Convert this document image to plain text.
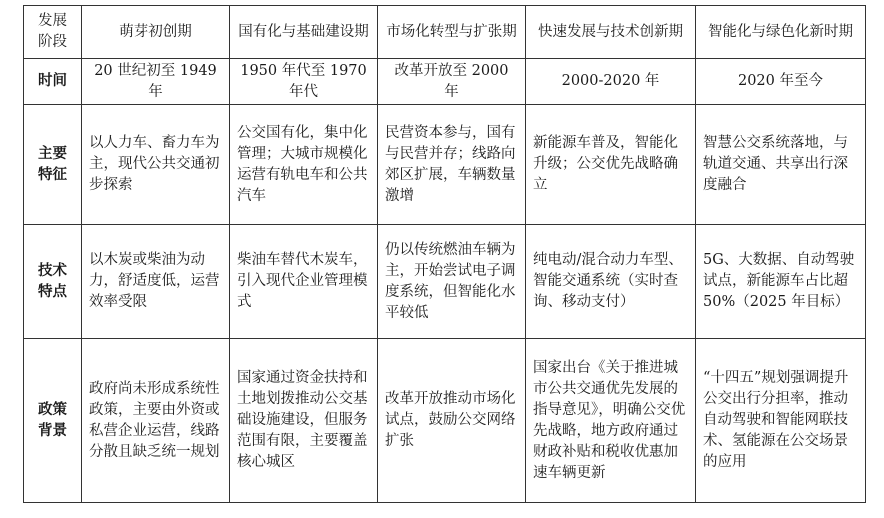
发展阶段	萌芽初创期	国有化与基础建设期	市场化转型与扩张期	快速发展与技术创新期	智能化与绿色化新时期
时间	20 世纪初至 1949 年	1950 年代至 1970 年代	改革开放至 2000 年	2000-2020 年	2020 年至今
主要特征	以人力车、畜力车为主，现代公共交通初步探索	公交国有化，集中化管理；大城市规模化运营有轨电车和公共汽车	民营资本参与，国有与民营并存；线路向郊区扩展，车辆数量激增	新能源车普及，智能化升级；公交优先战略确立	智慧公交系统落地，与轨道交通、共享出行深度融合
技术特点	以木炭或柴油为动力，舒适度低，运营效率受限	柴油车替代木炭车，引入现代企业管理模式	仍以传统燃油车辆为主，开始尝试电子调度系统，但智能化水平较低	纯电动/混合动力车型、智能交通系统（实时查询、移动支付）	5G、大数据、自动驾驶试点，新能源车占比超 50%（2025 年目标）
政策背景	政府尚未形成系统性政策，主要由外资或私营企业运营，线路分散且缺乏统一规划	国家通过资金扶持和土地划拨推动公交基础设施建设，但服务范围有限，主要覆盖核心城区	改革开放推动市场化试点，鼓励公交网络扩张	国家出台《关于推进城市公共交通优先发展的指导意见》，明确公交优先战略，地方政府通过财政补贴和税收优惠加速车辆更新	“十四五”规划强调提升公交出行分担率，推动自动驾驶和智能网联技术、氢能源在公交场景的应用
